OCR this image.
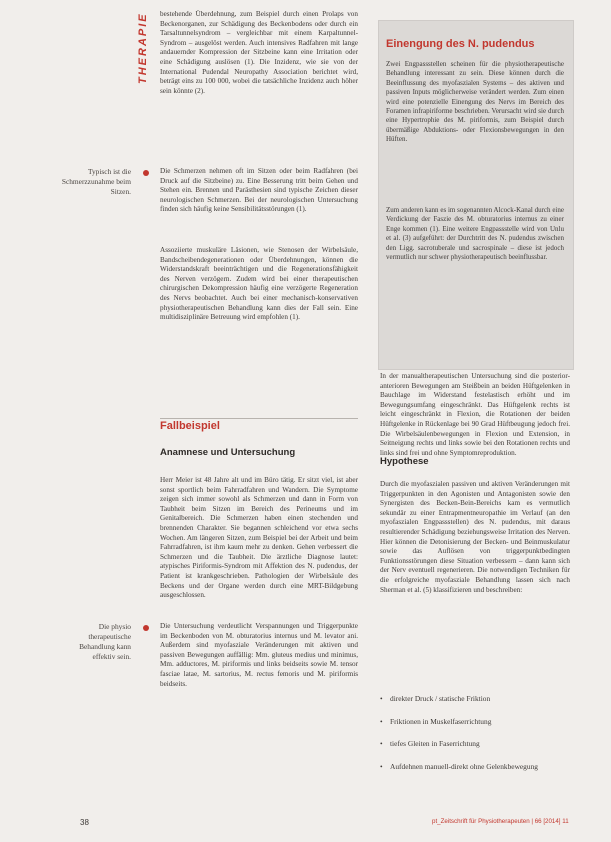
THERAPIE bestehende Überdehnung, zum Beispiel durch einen Prolaps von Beckenorganen, zur Schädigung des Beckenbodens oder durch ein Tarsaltunnelsyndrom – vergleichbar mit einem Karpaltunnel-Syndrom – ausgelöst werden. Auch intensives Radfahren mit lange andauernder Kompression der Sitzbeine kann eine Irritation oder eine Schädigung auslösen (1). Die Inzidenz, wie sie von der International Pudendal Neuropathy Association berichtet wird, beträgt eins zu 100 000, wobei die tatsächliche Inzidenz auch höher sein könnte (2).
Typisch ist die Schmerzzunahme beim Sitzen.
Die Schmerzen nehmen oft im Sitzen oder beim Radfahren (bei Druck auf die Sitzbeine) zu. Eine Besserung tritt beim Gehen und Stehen ein. Brennen und Parästhesien sind typische Zeichen dieser neurologischen Schmerzen. Bei der neurologischen Untersuchung finden sich häufig keine Sensibilitätsstörungen (1).
Assoziierte muskuläre Läsionen, wie Stenosen der Wirbelsäule, Bandscheibendegenerationen oder Überdehnungen, können die Widerstandskraft beeinträchtigen und die Regenerationsfähigkeit des Nerven verzögern. Zudem wird bei einer therapeutischen chirurgischen Dekompression häufig eine verzögerte Regeneration des Nervs beobachtet. Auch bei einer mechanisch-konservativen physiotherapeutischen Behandlung kann dies der Fall sein. Eine multidisziplinäre Betreuung wird empfohlen (1).
Fallbeispiel
Anamnese und Untersuchung
Herr Meier ist 48 Jahre alt und im Büro tätig. Er sitzt viel, ist aber sonst sportlich beim Fahrradfahren und Wandern. Die Symptome zeigen sich immer sowohl als Schmerzen und dann in Form von Taubheit beim Sitzen im Bereich des Perineums und im Genitalbereich. Die Schmerzen haben einen stechenden und brennenden Charakter. Sie begannen schleichend vor etwa sechs Wochen. Am längeren Sitzen, zum Beispiel bei der Arbeit und beim Fahrradfahren, ist ihm kaum mehr zu denken. Gehen verbessert die Schmerzen und die Taubheit. Die ärztliche Diagnose lautet: atypisches Piriformis-Syndrom mit Affektion des N. pudendus, der Patient ist krankgeschrieben. Pathologien der Wirbelsäule des Beckens und der Organe werden durch eine MRT-Bildgebung ausgeschlossen.
Die physio therapeutische Behandlung kann effektiv sein.
Die Untersuchung verdeutlicht Verspannungen und Triggerpunkte im Beckenboden von M. obturatorius internus und M. levator ani. Außerdem sind myofasziale Veränderungen mit aktiven und passiven Bewegungen auffällig: Mm. gluteus medius und minimus, Mm. adductores, M. piriformis und links beidseits sowie M. tensor fasciae latae, M. sartorius, M. rectus femoris und M. piriformis beidseits.
Einengung des N. pudendus
Zwei Engpassstellen scheinen für die physiotherapeutische Behandlung interessant zu sein. Diese können durch die Beeinflussung des myofaszialen Systems – des aktiven und passiven Inputs möglicherweise verändert werden. Zum einen wird eine potenzielle Einengung des Nervs im Bereich des Foramen infrapiriforme beschrieben. Verursacht wird sie durch eine Hypertrophie des M. piriformis, zum Beispiel durch übermäßige Abduktions- oder Flexionsbewegungen in den Hüften.
Zum anderen kann es im sogenannten Alcock-Kanal durch eine Verdickung der Faszie des M. obturatorius internus zu einer Enge kommen (1). Eine weitere Engpassstelle wird von Unlu et al. (3) aufgeführt: der Durchtritt des N. pudendus zwischen den Ligg. sacrotuberale und sacrospinale – diese ist jedoch vermutlich nur schwer physiotherapeutisch beeinflussbar.
In der manualtherapeutischen Untersuchung sind die posterior-anterioren Bewegungen am Steißbein an beiden Hüftgelenken in Bauchlage im Widerstand festelastisch erhöht und im Bewegungsumfang eingeschränkt. Das Hüftgelenk rechts ist leicht eingeschränkt in Flexion, die Rotationen der beiden Hüftgelenke in Rückenlage bei 90 Grad Hüftbeugung jedoch frei. Die Wirbelsäulenbewegungen in Flexion und Extension, in Seitneigung rechts und links sowie bei den Rotationen rechts und links sind frei und ohne Symptomreproduktion.
Hypothese
Durch die myofaszialen passiven und aktiven Veränderungen mit Triggerpunkten in den Agonisten und Antagonisten sowie den Synergisten des Becken-Bein-Bereichs kam es vermutlich sekundär zu einer Entrapmentneuropathie im Verlauf (an den myofaszialen Engpassstellen) des N. pudendus, mit daraus resultierender Schädigung beziehungsweise Irritation des Nerven. Hier können die Detonisierung der Becken- und Beinmuskulatur sowie das Auflösen von triggerpunktbedingten Funktionsstörungen diese Situation verbessern – dann kann sich der Nerv eventuell regenerieren. Die notwendigen Techniken für die erfolgreiche myofasziale Behandlung lassen sich nach Sherman et al. (5) klassifizieren und beschreiben:
• direkter Druck / statische Friktion
• Friktionen in Muskelfaserrichtung
• tiefes Gleiten in Faserrichtung
• Aufdehnen manuell-direkt ohne Gelenkbewegung
38	pt_Zeitschrift für Physiotherapeuten | 66 [2014] 11
